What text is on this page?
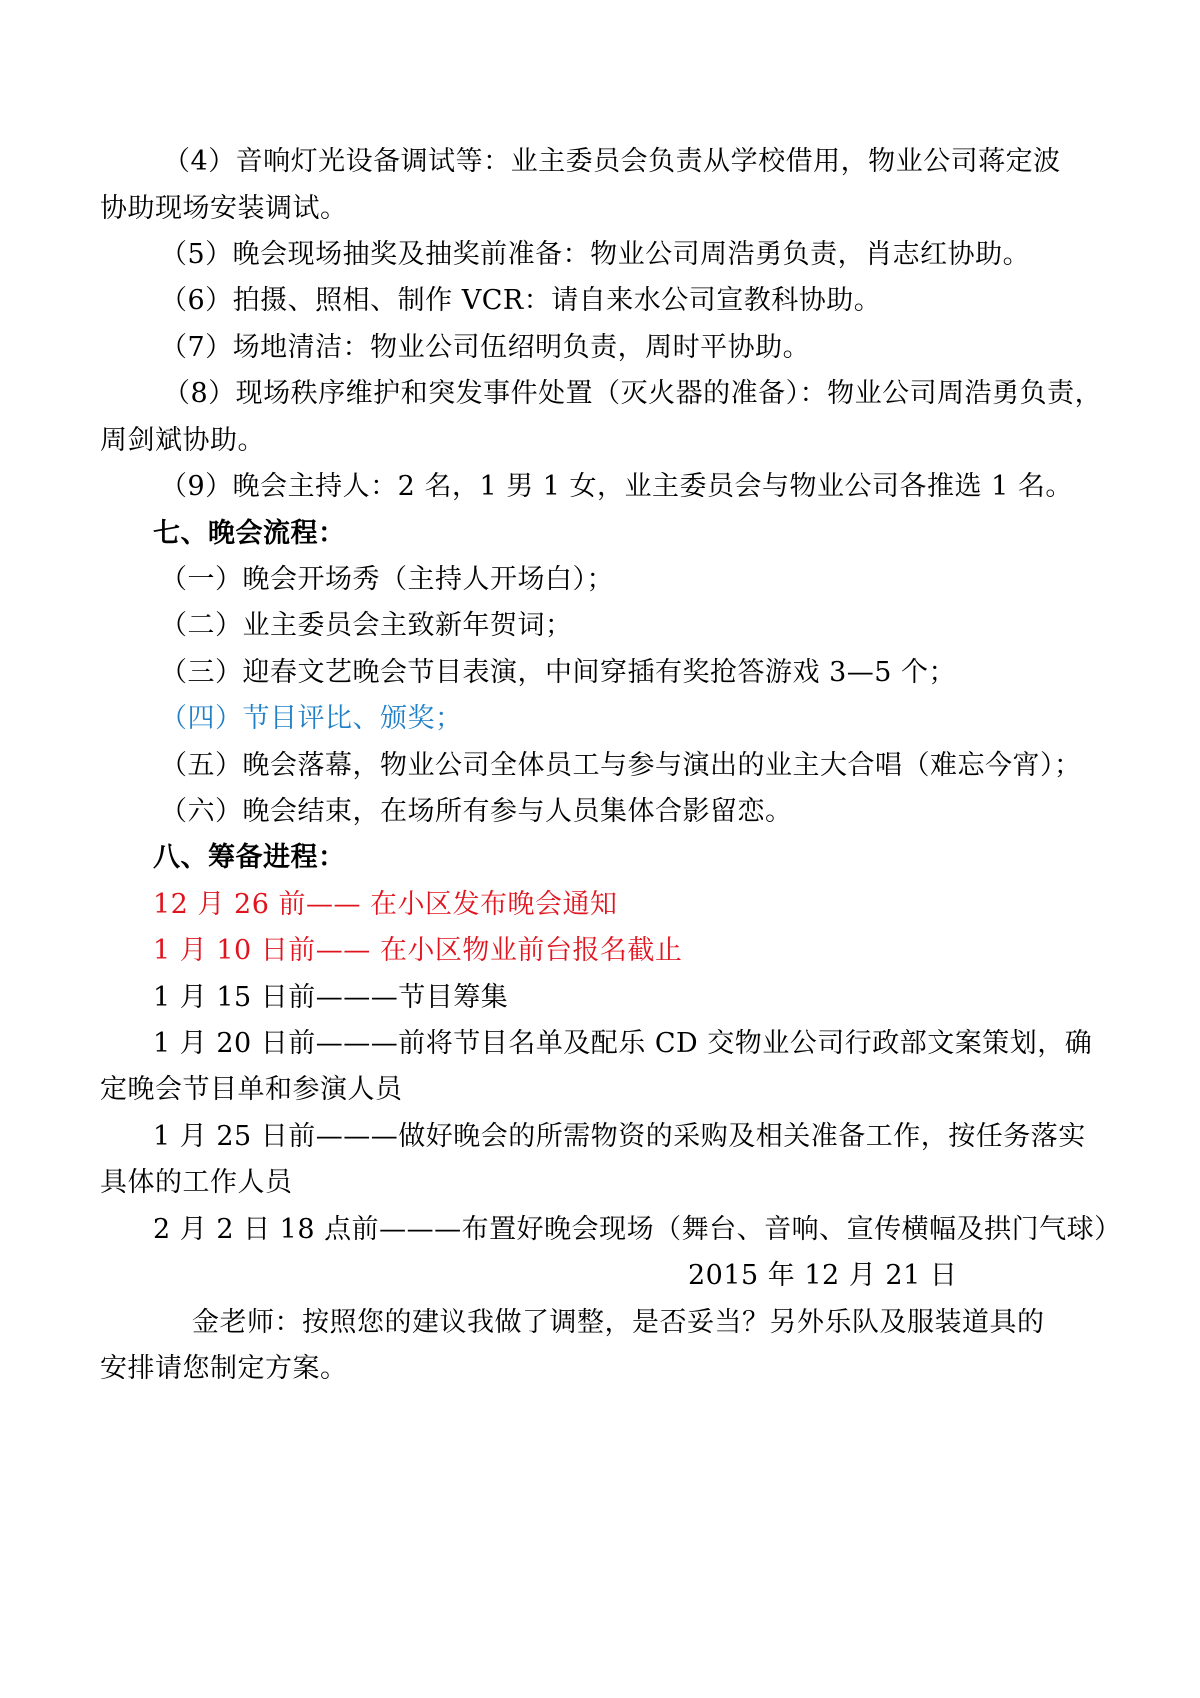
（4）音响灯光设备调试等：业主委员会负责从学校借用，物业公司蒋定波
协助现场安装调试。
（5）晚会现场抽奖及抽奖前准备：物业公司周浩勇负责，肖志红协助。
（6）拍摄、照相、制作 VCR：请自来水公司宣教科协助。
（7）场地清洁：物业公司伍绍明负责，周时平协助。
（8）现场秩序维护和突发事件处置（灭火器的准备）：物业公司周浩勇负责，
周剑斌协助。
（9）晚会主持人：2 名，1 男 1 女，业主委员会与物业公司各推选 1 名。
七、晚会流程：
（一）晚会开场秀（主持人开场白）；
（二）业主委员会主致新年贺词；
（三）迎春文艺晚会节目表演，中间穿插有奖抢答游戏 3—5 个；
（四）节目评比、颁奖；
（五）晚会落幕，物业公司全体员工与参与演出的业主大合唱（难忘今宵）；
（六）晚会结束，在场所有参与人员集体合影留恋。
八、筹备进程：
12 月 26 前—— 在小区发布晚会通知
1 月 10 日前—— 在小区物业前台报名截止
1 月 15 日前———节目筹集
1 月 20 日前———前将节目名单及配乐 CD 交物业公司行政部文案策划，确
定晚会节目单和参演人员
1 月 25 日前———做好晚会的所需物资的采购及相关准备工作，按任务落实
具体的工作人员
2 月 2 日 18 点前———布置好晚会现场（舞台、音响、宣传横幅及拱门气球）
2015 年 12 月 21 日
金老师：按照您的建议我做了调整，是否妥当？另外乐队及服装道具的
安排请您制定方案。
